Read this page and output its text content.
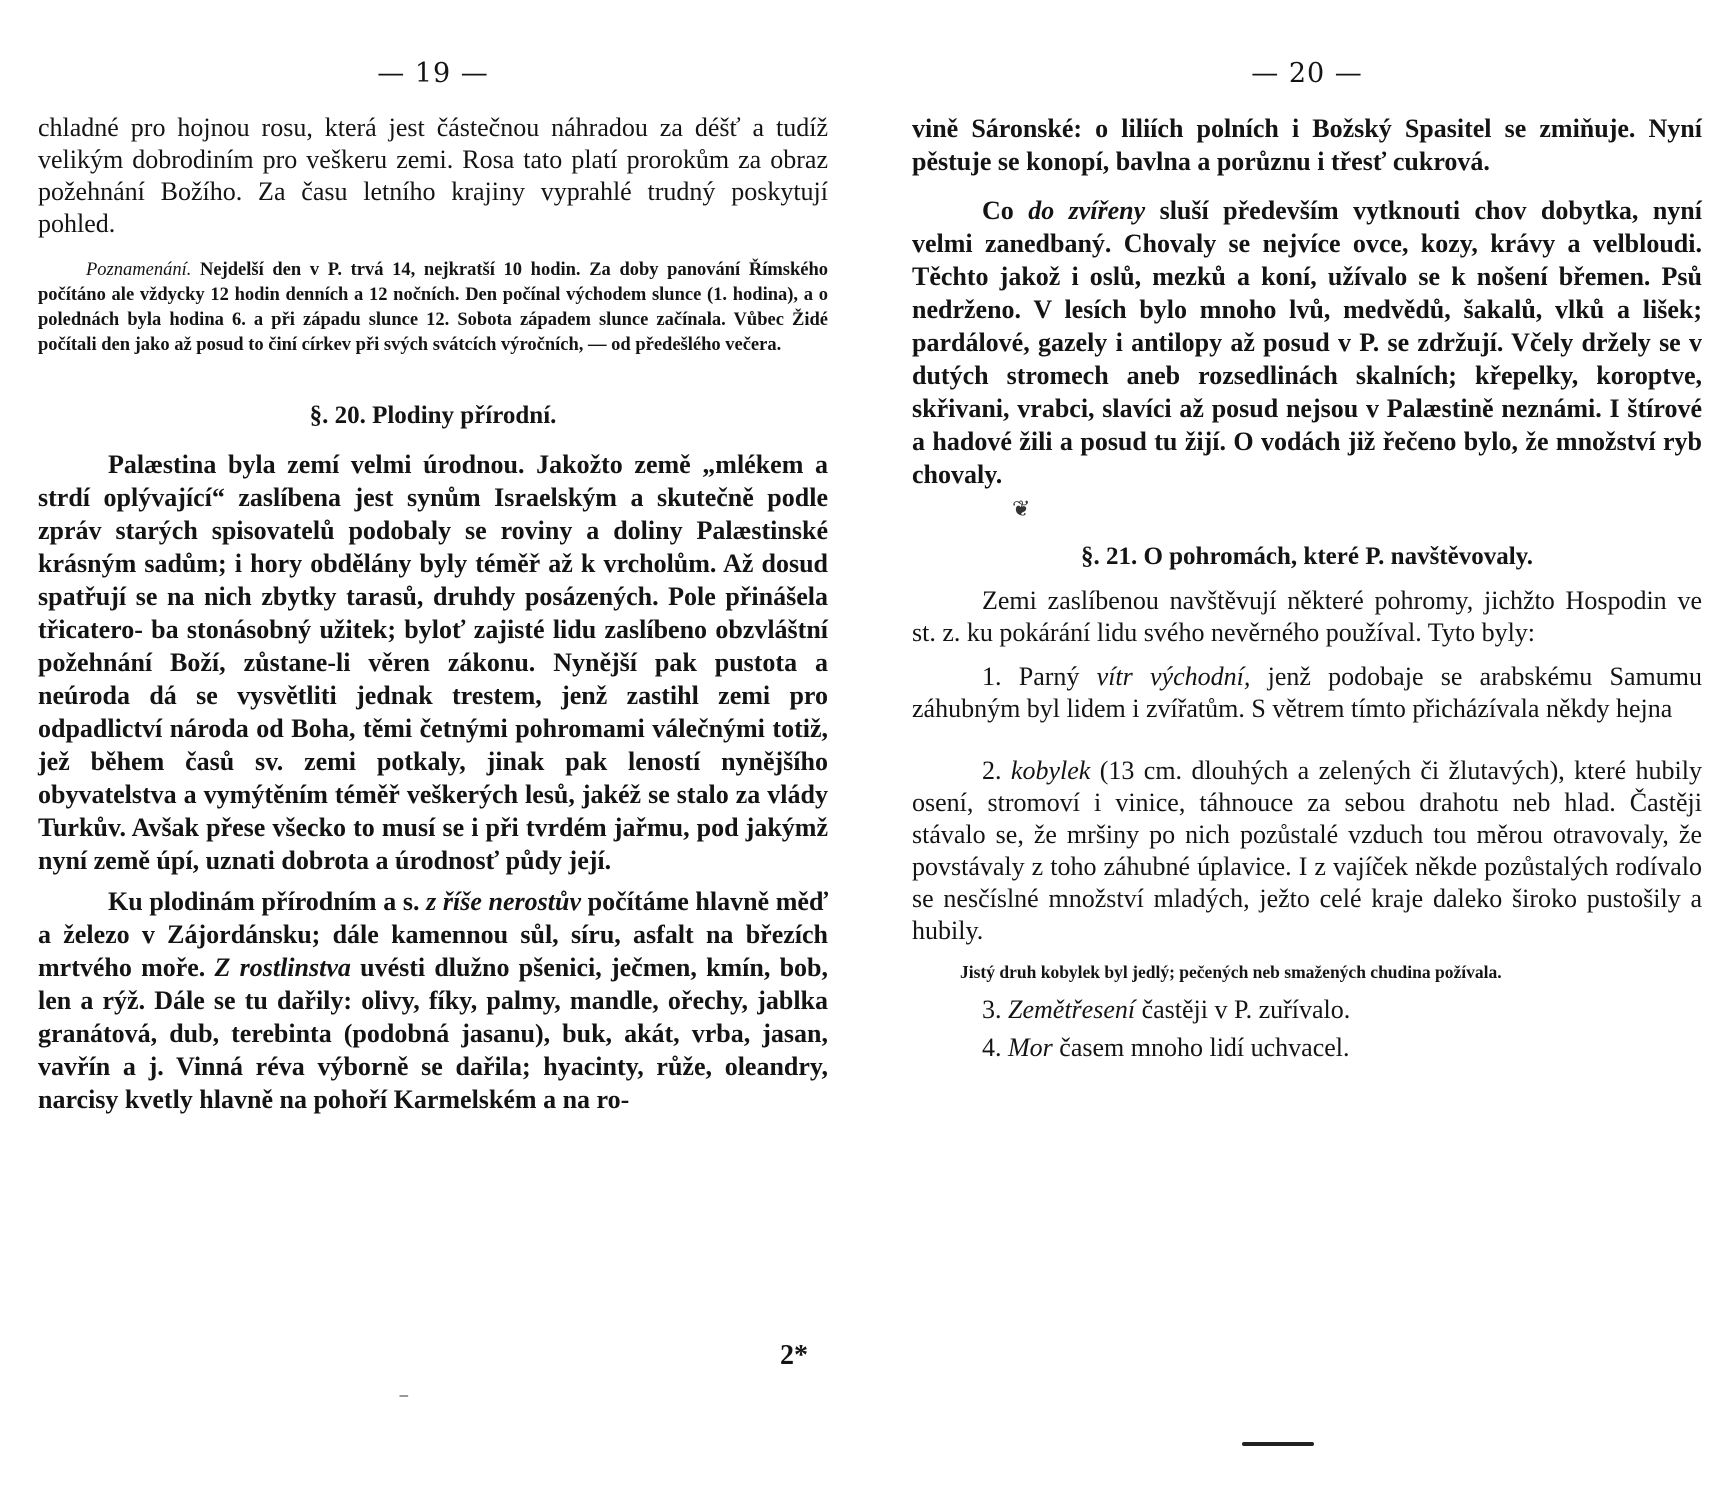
— 19 —

chladné pro hojnou rosu, která jest částečnou náhradou za déšť a tudíž velikým dobrodiním pro veškeru zemi. Rosa tato platí prorokům za obraz požehnání Božího. Za času letního krajiny vyprahlé trudný poskytují pohled.

Poznamenání. Nejdelší den v P. trvá 14, nejkratší 10 hodin. Za doby panování Římského počítáno ale vždycky 12 hodin denních a 12 nočních. Den počínal východem slunce (1. hodina), a o polednách byla hodina 6. a při západu slunce 12. Sobota západem slunce začínala. Vůbec Židé počítali den jako až posud to činí církev při svých svátcích výročních, — od předešlého večera.

§. 20. Plodiny přírodní.

Palæstina byla zemí velmi úrodnou. Jakožto země „mlékem a strdí oplývající“ zaslíbena jest synům Israelským a skutečně podle zpráv starých spisovatelů podobaly se roviny a doliny Palæstinské krásným sadům; i hory obdělány byly téměř až k vrcholům. Až dosud spatřují se na nich zbytky tarasů, druhdy posázených. Pole přinášela třicatero- ba stonásobný užitek; byloť zajisté lidu zaslíbeno obzvláštní požehnání Boží, zůstane-li věren zákonu. Nynější pak pustota a neúroda dá se vysvětliti jednak trestem, jenž zastihl zemi pro odpadlictví národa od Boha, těmi četnými pohromami válečnými totiž, jež během časů sv. zemi potkaly, jinak pak leností nynějšího obyvatelstva a vymýtěním téměř veškerých lesů, jakéž se stalo za vlády Turkův. Avšak přese všecko to musí se i při tvrdém jařmu, pod jakýmž nyní země úpí, uznati dobrota a úrodnosť půdy její.

Ku plodinám přírodním a s. z říše nerostův počítáme hlavně měď a železo v Zájordánsku; dále kamennou sůl, síru, asfalt na březích mrtvého moře. Z rostlinstva uvésti dlužno pšenici, ječmen, kmín, bob, len a rýž. Dále se tu dařily: olivy, fíky, palmy, mandle, ořechy, jablka granátová, dub, terebinta (podobná jasanu), buk, akát, vrba, jasan, vavřín a j. Vinná réva výborně se dařila; hyacinty, růže, oleandry, narcisy kvetly hlavně na pohoří Karmelském a na ro-

2*
⁻
— 20 —

vině Sáronské: o liliích polních i Božský Spasitel se zmiňuje. Nyní pěstuje se konopí, bavlna a porůznu i třesť cukrová.

Co do zvířeny sluší především vytknouti chov dobytka, nyní velmi zanedbaný. Chovaly se nejvíce ovce, kozy, krávy a velbloudi. Těchto jakož i oslů, mezků a koní, užívalo se k nošení břemen. Psů nedrženo. V lesích bylo mnoho lvů, medvědů, šakalů, vlků a lišek; pardálové, gazely i antilopy až posud v P. se zdržují. Včely držely se v dutých stromech aneb rozsedlinách skalních; křepelky, koroptve, skřivani, vrabci, slavíci až posud nejsou v Palæstině neznámi. I štírové a hadové žili a posud tu žijí. O vodách již řečeno bylo, že množství ryb chovaly.

❦

§. 21. O pohromách, které P. navštěvovaly.

Zemi zaslíbenou navštěvují některé pohromy, jichžto Hospodin ve st. z. ku pokárání lidu svého nevěrného používal. Tyto byly:

1. Parný vítr východní, jenž podobaje se arabskému Samumu záhubným byl lidem i zvířatům. S větrem tímto přicházívala někdy hejna

2. kobylek (13 cm. dlouhých a zelených či žlutavých), které hubily osení, stromoví i vinice, táhnouce za sebou drahotu neb hlad. Častěji stávalo se, že mršiny po nich pozůstalé vzduch tou měrou otravovaly, že povstávaly z toho záhubné úplavice. I z vajíček někde pozůstalých rodívalo se nesčíslné množství mladých, ježto celé kraje daleko široko pustošily a hubily.

Jistý druh kobylek byl jedlý; pečených neb smažených chudina požívala.

3. Zemětřesení častěji v P. zuřívalo.

4. Mor časem mnoho lidí uchvacel.
